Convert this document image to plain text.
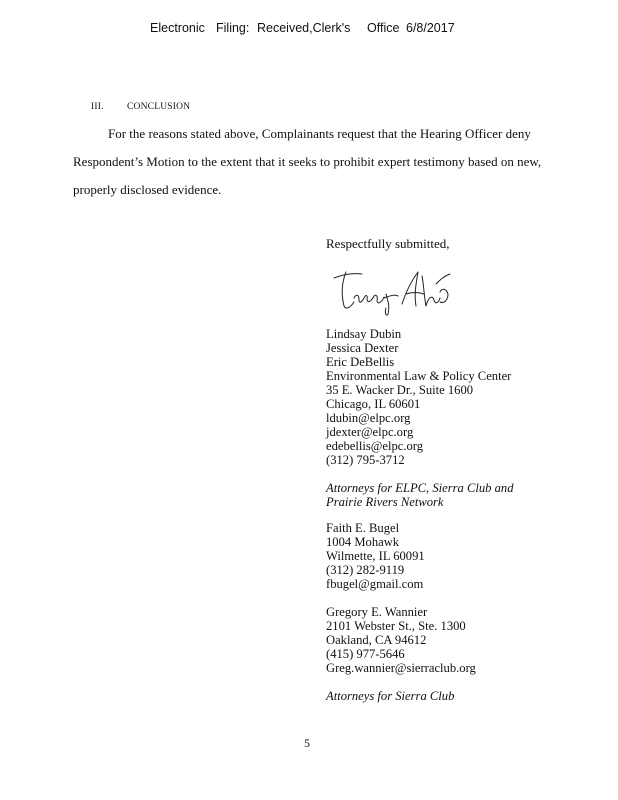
Electronic Filing: Received,Clerk's Office 6/8/2017
III. CONCLUSION
For the reasons stated above, Complainants request that the Hearing Officer deny
Respondent’s Motion to the extent that it seeks to prohibit expert testimony based on new,
properly disclosed evidence.
Respectfully submitted,
Lindsay Dubin
Jessica Dexter
Eric DeBellis
Environmental Law & Policy Center
35 E. Wacker Dr., Suite 1600
Chicago, IL 60601
ldubin@elpc.org
jdexter@elpc.org
edebellis@elpc.org
(312) 795-3712
Attorneys for ELPC, Sierra Club and
Prairie Rivers Network
Faith E. Bugel
1004 Mohawk
Wilmette, IL 60091
(312) 282-9119
fbugel@gmail.com
Gregory E. Wannier
2101 Webster St., Ste. 1300
Oakland, CA 94612
(415) 977-5646
Greg.wannier@sierraclub.org
Attorneys for Sierra Club
5
